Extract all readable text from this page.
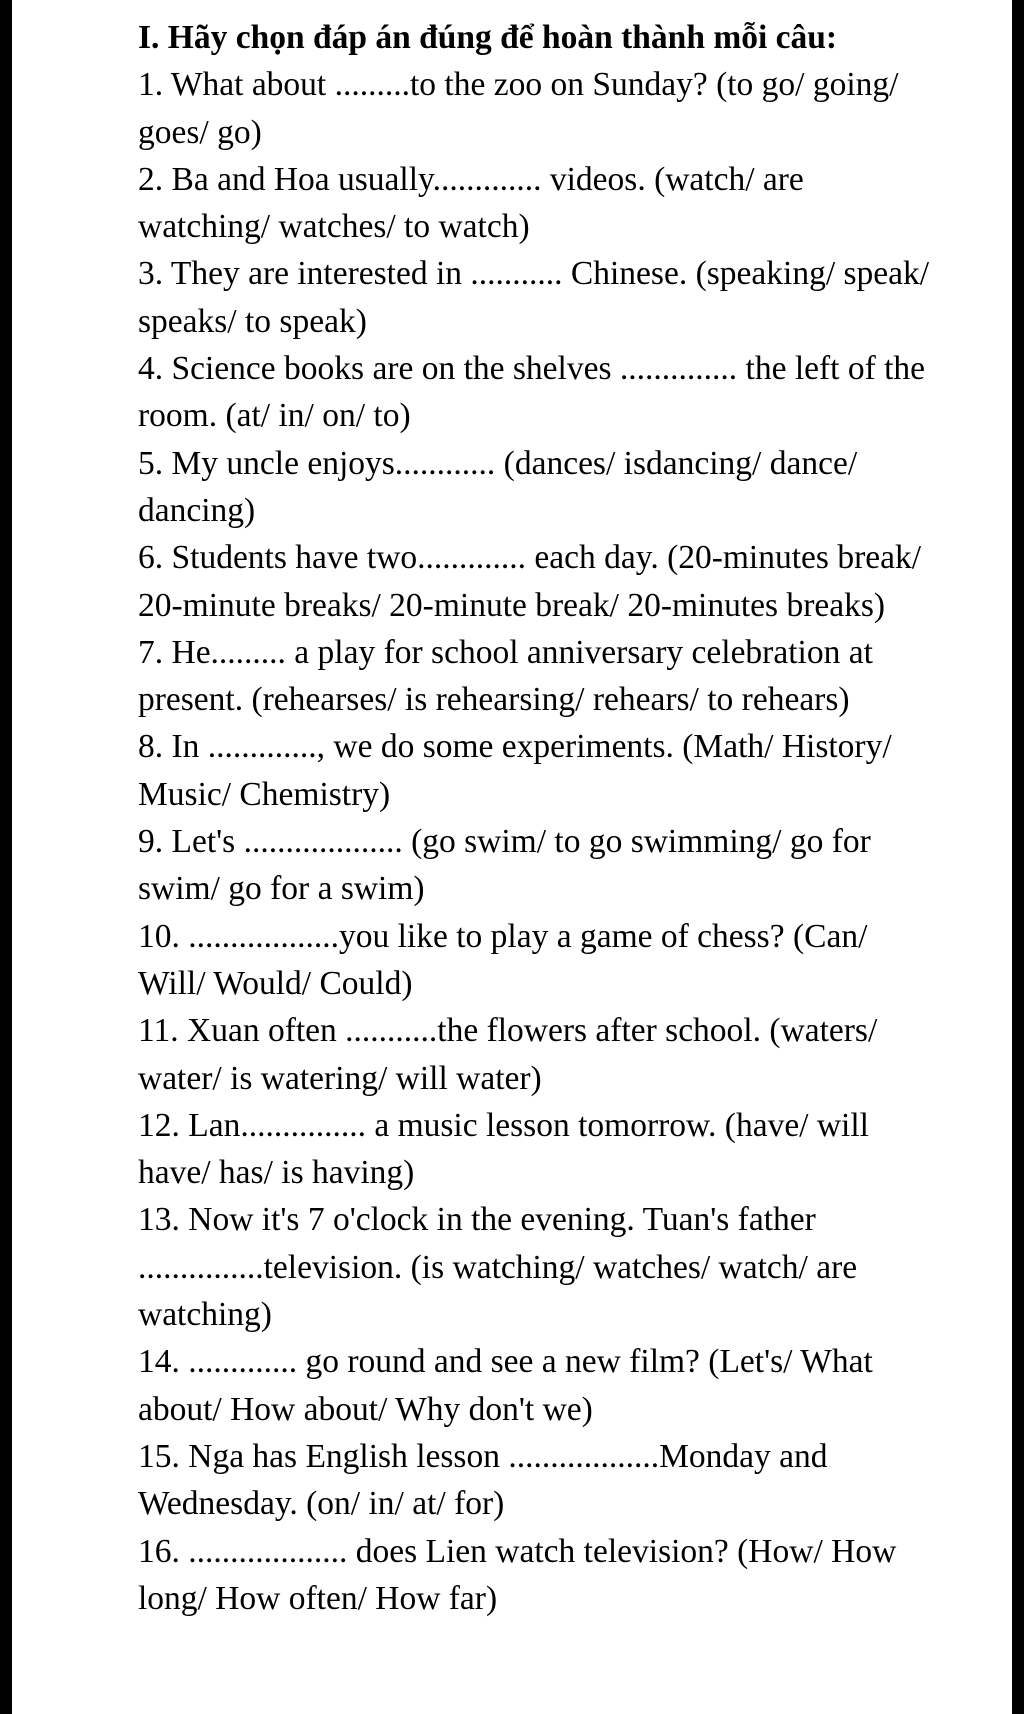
I. Hãy chọn đáp án đúng để hoàn thành mỗi câu:

1. What about .........to the zoo on Sunday? (to go/ going/ goes/ go)

2. Ba and Hoa usually............. videos. (watch/ are watching/ watches/ to watch)

3. They are interested in ........... Chinese. (speaking/ speak/ speaks/ to speak)

4. Science books are on the shelves .............. the left of the room. (at/ in/ on/ to)

5. My uncle enjoys............ (dances/ isdancing/ dance/ dancing)

6. Students have two............. each day. (20-minutes break/ 20-minute breaks/ 20-minute break/ 20-minutes breaks)

7. He......... a play for school anniversary celebration at present. (rehearses/ is rehearsing/ rehears/ to rehears)

8. In ............., we do some experiments. (Math/ History/ Music/ Chemistry)

9. Let's ................... (go swim/ to go swimming/ go for swim/ go for a swim)

10. ..................you like to play a game of chess? (Can/ Will/ Would/ Could)

11. Xuan often ...........the flowers after school. (waters/ water/ is watering/ will water)

12. Lan............... a music lesson tomorrow. (have/ will have/ has/ is having)

13. Now it's 7 o'clock in the evening. Tuan's father ...............television. (is watching/ watches/ watch/ are watching)

14. ............. go round and see a new film? (Let's/ What about/ How about/ Why don't we)

15. Nga has English lesson ..................Monday and Wednesday. (on/ in/ at/ for)

16. ................... does Lien watch television? (How/ How long/ How often/ How far)
